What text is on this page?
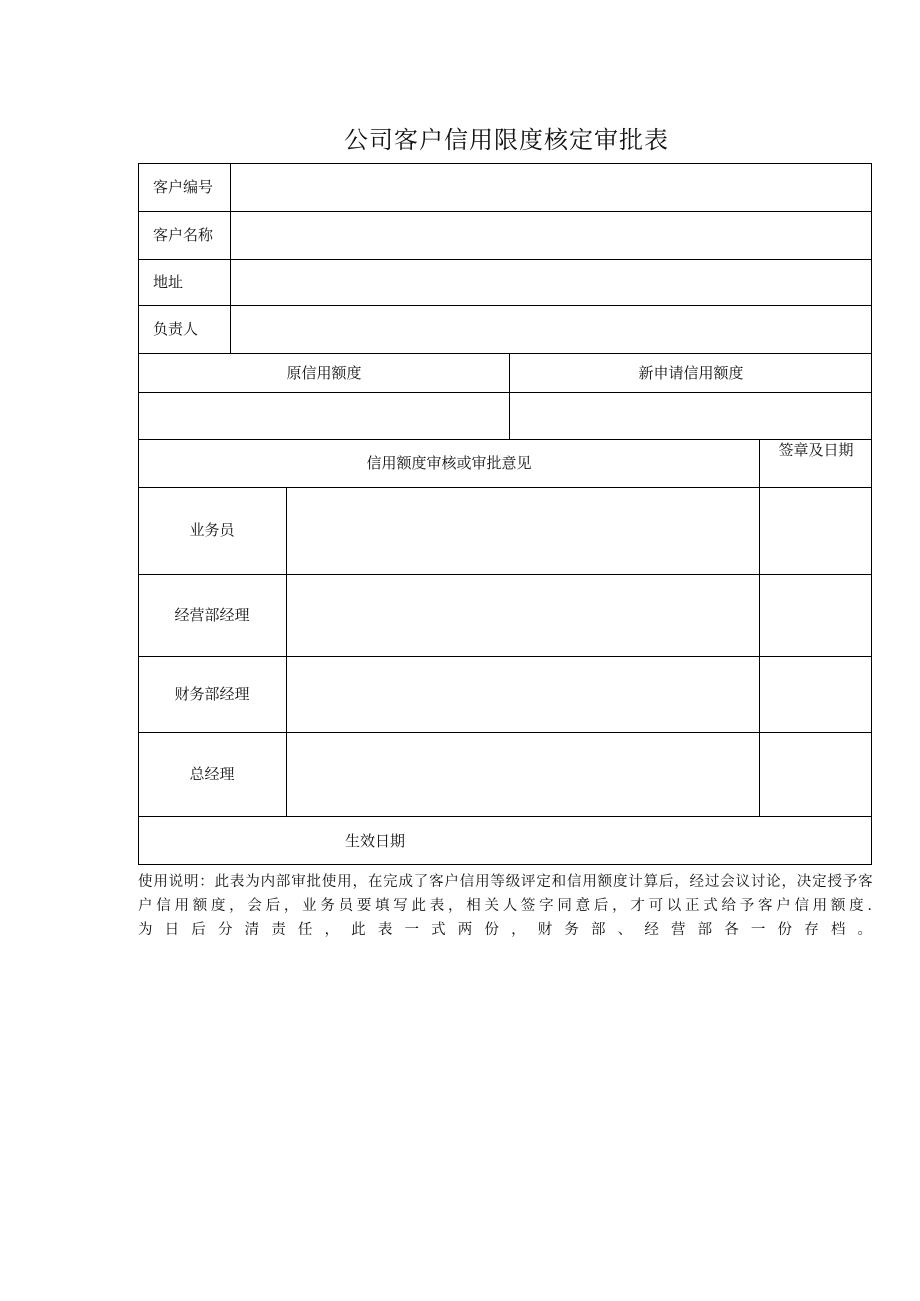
公司客户信用限度核定审批表
客户编号
客户名称
地址
负责人
原信用额度	新申请信用额度
信用额度审核或审批意见
签章及日期
业务员
经营部经理
财务部经理
总经理
生效日期
使用说明：此表为内部审批使用，在完成了客户信用等级评定和信用额度计算后，经过会议讨论，决定授予客
户信用额度，会后，业务员要填写此表，相关人签字同意后，才可以正式给予客户信用额度.
为日后分清责任，此表一式两份，财务部、经营部各一份存档。
